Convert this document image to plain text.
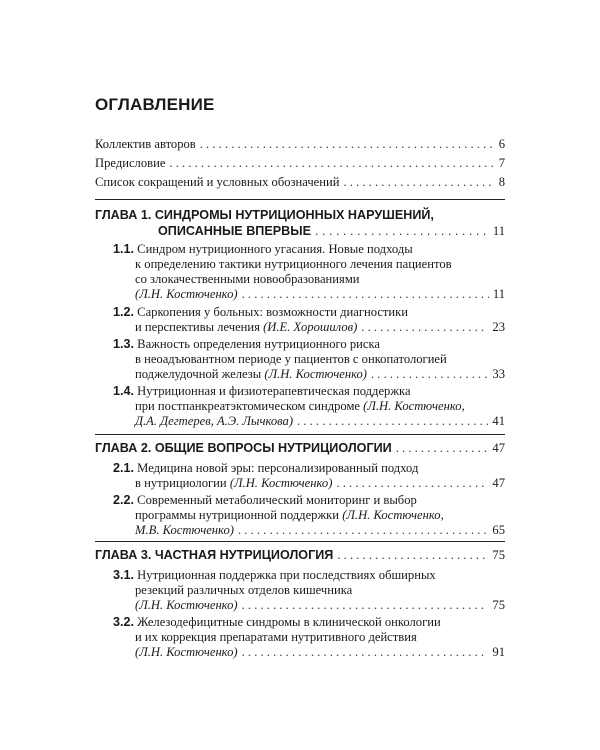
ОГЛАВЛЕНИЕ
Коллектив авторов . . .	6
Предисловие . . .	7
Список сокращений и условных обозначений . . .	8
ГЛАВА 1. СИНДРОМЫ НУТРИЦИОННЫХ НАРУШЕНИЙ,
ОПИСАННЫЕ ВПЕРВЫЕ . . .	11
1.1. Синдром нутриционного угасания. Новые подходы
к определению тактики нутриционного лечения пациентов
со злокачественными новообразованиями
(Л.Н. Костюченко) . . .	11
1.2. Саркопения у больных: возможности диагностики
и перспективы лечения
(И.Е. Хорошилов) . . .	23
1.3. Важность определения нутриционного риска
в неоадъювантном периоде у пациентов с онкопатологией
поджелудочной железы
(Л.Н. Костюченко) . . .	33
1.4. Нутриционная и физиотерапевтическая поддержка
при постпанкреатэктомическом синдроме (Л.Н. Костюченко,
Д.А. Дегтерев, А.Э. Лычкова) . . .	41
ГЛАВА 2. ОБЩИЕ ВОПРОСЫ НУТРИЦИОЛОГИИ . . .	47
2.1. Медицина новой эры: персонализированный подход
в нутрициологии
(Л.Н. Костюченко) . . .	47
2.2. Современный метаболический мониторинг и выбор
программы нутриционной поддержки (Л.Н. Костюченко,
М.В. Костюченко) . . .	65
ГЛАВА 3. ЧАСТНАЯ НУТРИЦИОЛОГИЯ . . .	75
3.1. Нутриционная поддержка при последствиях обширных
резекций различных отделов кишечника
(Л.Н. Костюченко) . . .	75
3.2. Железодефицитные синдромы в клинической онкологии
и их коррекция препаратами нутритивного действия
(Л.Н. Костюченко) . . .	91
